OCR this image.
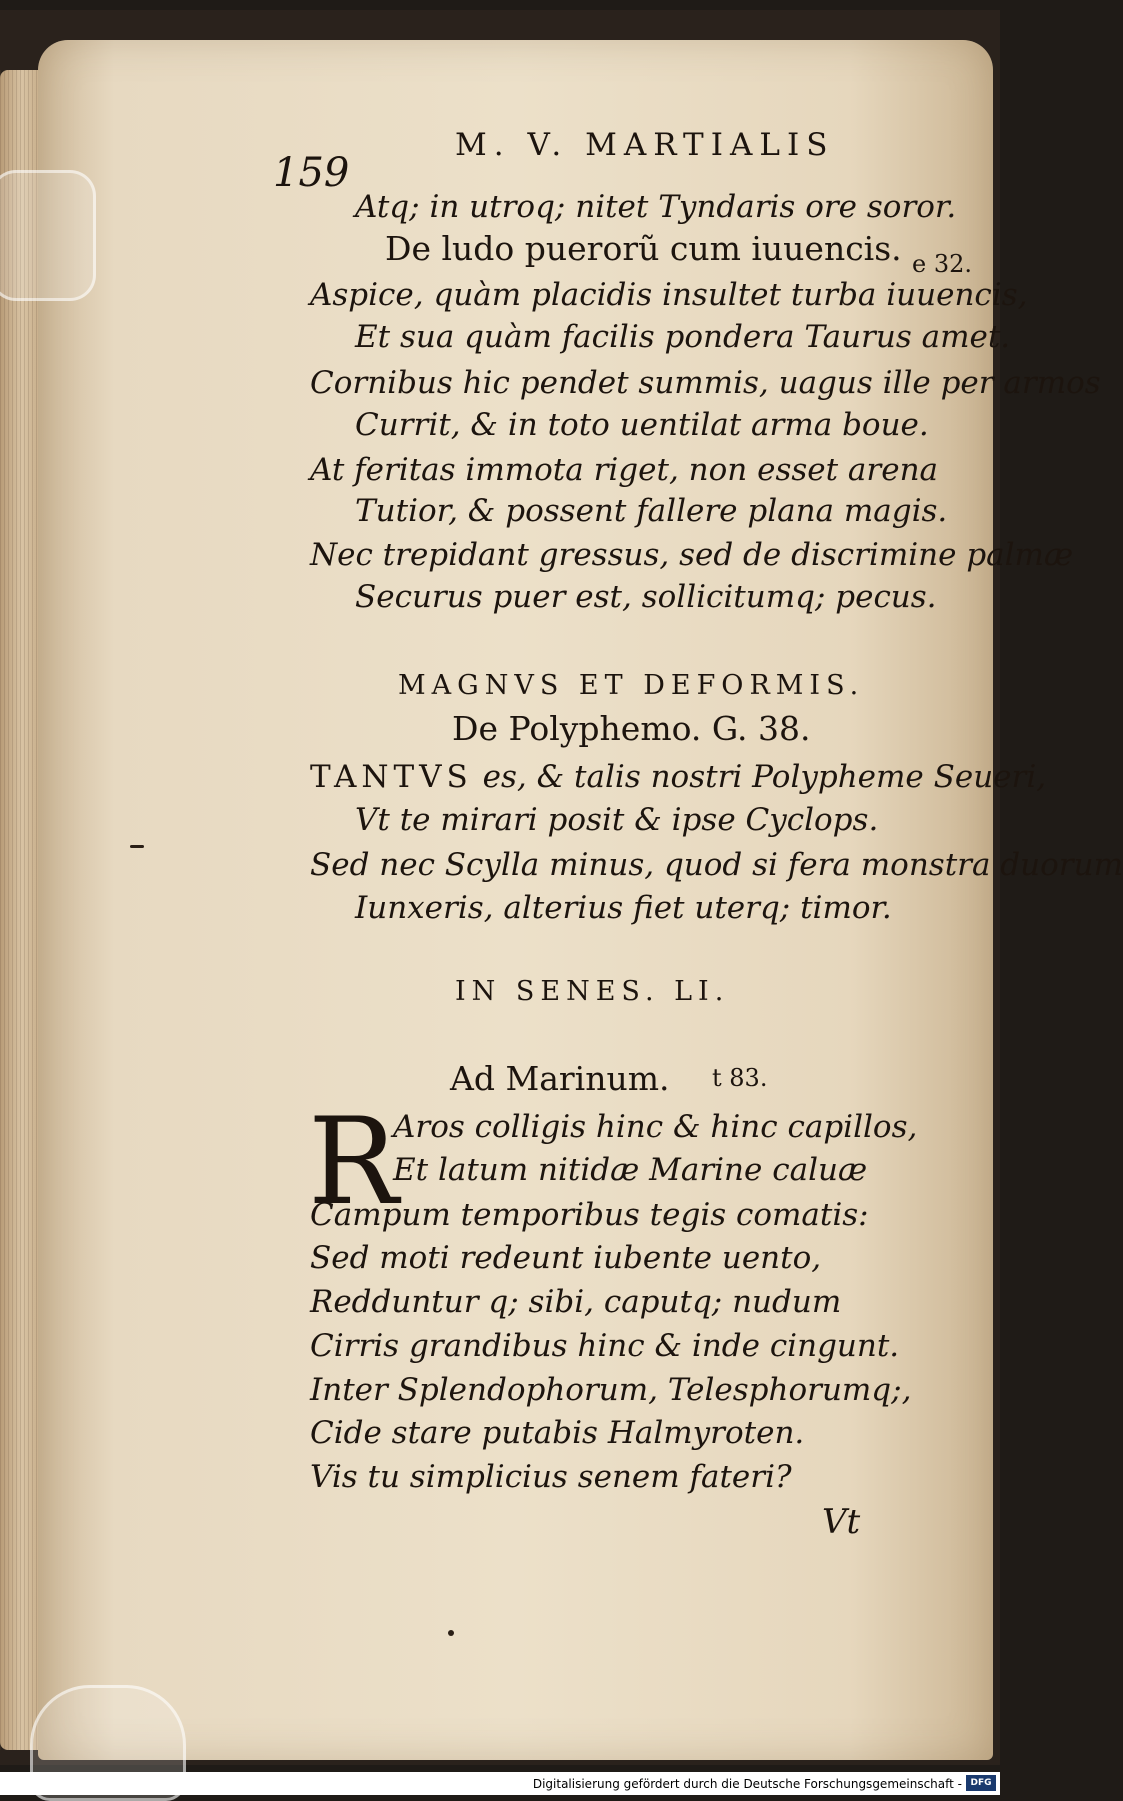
159
M. V. MARTIALIS
Atq; in utroq; nitet Tyndaris ore soror.
De ludo puerorũ cum iuuencis. e 32.
Aspice, quàm placidis insultet turba iuuencis,
Et sua quàm facilis pondera Taurus amet.
Cornibus hic pendet summis, uagus ille per armos
Currit, & in toto uentilat arma boue.
At feritas immota riget, non esset arena
Tutior, & possent fallere plana magis.
Nec trepidant gressus, sed de discrimine palmæ
Securus puer est, sollicitumq; pecus.
MAGNVS ET DEFORMIS.
De Polyphemo. G. 38.
TANTVS es, & talis nostri Polypheme Seueri,
Vt te mirari posit & ipse Cyclops.
Sed nec Scylla minus, quod si fera monstra duorum
Iunxeris, alterius fiet uterq; timor.
IN SENES. LI.
Ad Marinum. t 83.
R
Aros colligis hinc & hinc capillos,
Et latum nitidæ Marine caluæ
Campum temporibus tegis comatis:
Sed moti redeunt iubente uento,
Redduntur q; sibi, caputq; nudum
Cirris grandibus hinc & inde cingunt.
Inter Splendophorum, Telesphorumq;,
Cide stare putabis Halmyroten.
Vis tu simplicius senem fateri?
Vt
Digitalisierung gefördert durch die Deutsche Forschungsgemeinschaft - DFG
